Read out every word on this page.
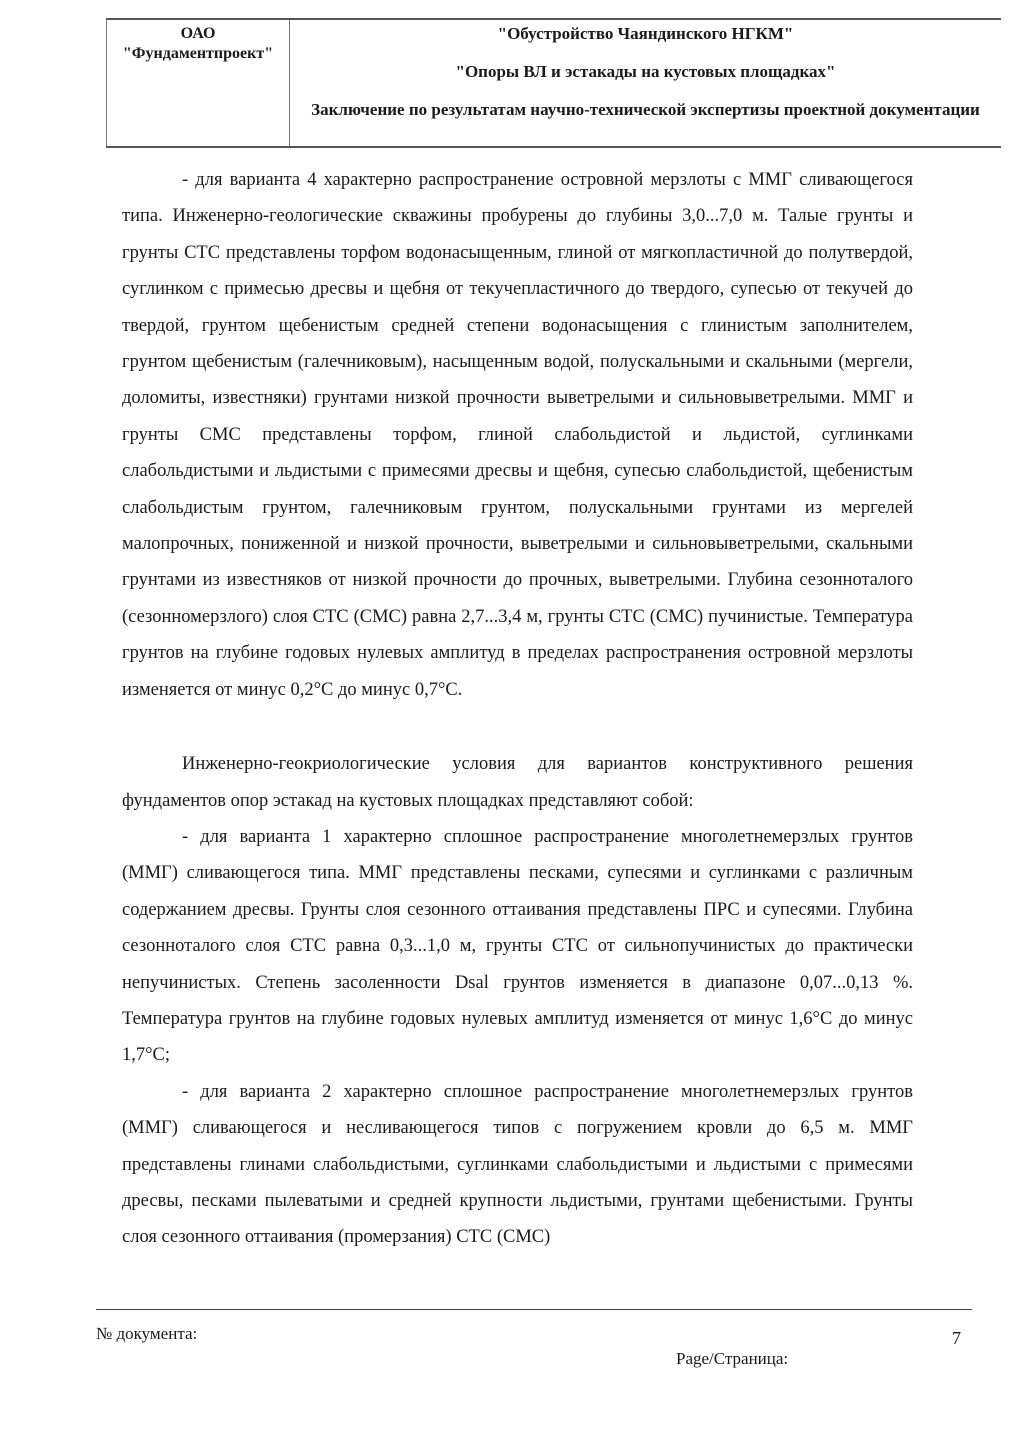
ОАО
"Фундаментпроект"
"Обустройство Чаяндинского НГКМ"
"Опоры ВЛ и эстакады на кустовых площадках"
Заключение по результатам научно-технической экспертизы проектной документации

- для варианта 4 характерно распространение островной мерзлоты с ММГ сливающегося типа. Инженерно-геологические скважины пробурены до глубины 3,0...7,0 м. Талые грунты и грунты СТС представлены торфом водонасыщенным, глиной от мягкопластичной до полутвердой, суглинком с примесью дресвы и щебня от текучепластичного до твердого, супесью от текучей до твердой, грунтом щебенистым средней степени водонасыщения с глинистым заполнителем, грунтом щебенистым (галечниковым), насыщенным водой, полускальными и скальными (мергели, доломиты, известняки) грунтами низкой прочности выветрелыми и сильновыветрелыми. ММГ и грунты СМС представлены торфом, глиной слабольдистой и льдистой, суглинками слабольдистыми и льдистыми с примесями дресвы и щебня, супесью слабольдистой, щебенистым слабольдистым грунтом, галечниковым грунтом, полускальными грунтами из мергелей малопрочных, пониженной и низкой прочности, выветрелыми и сильновыветрелыми, скальными грунтами из известняков от низкой прочности до прочных, выветрелыми. Глубина сезонноталого (сезонномерзлого) слоя СТС (СМС) равна 2,7...3,4 м, грунты СТС (СМС) пучинистые. Температура грунтов на глубине годовых нулевых амплитуд в пределах распространения островной мерзлоты изменяется от минус 0,2°С до минус 0,7°С.

Инженерно-геокриологические условия для вариантов конструктивного решения фундаментов опор эстакад на кустовых площадках представляют собой:

- для варианта 1 характерно сплошное распространение многолетнемерзлых грунтов (ММГ) сливающегося типа. ММГ представлены песками, супесями и суглинками с различным содержанием дресвы. Грунты слоя сезонного оттаивания представлены ПРС и супесями. Глубина сезонноталого слоя СТС равна 0,3...1,0 м, грунты СТС от сильнопучинистых до практически непучинистых. Степень засоленности Dsal грунтов изменяется в диапазоне 0,07...0,13 %. Температура грунтов на глубине годовых нулевых амплитуд изменяется от минус 1,6°С до минус 1,7°С;

- для варианта 2 характерно сплошное распространение многолетнемерзлых грунтов (ММГ) сливающегося и несливающегося типов с погружением кровли до 6,5 м. ММГ представлены глинами слабольдистыми, суглинками слабольдистыми и льдистыми с примесями дресвы, песками пылеватыми и средней крупности льдистыми, грунтами щебенистыми. Грунты слоя сезонного оттаивания (промерзания) СТС (СМС)

№ документа:	7
Page/Страница:
